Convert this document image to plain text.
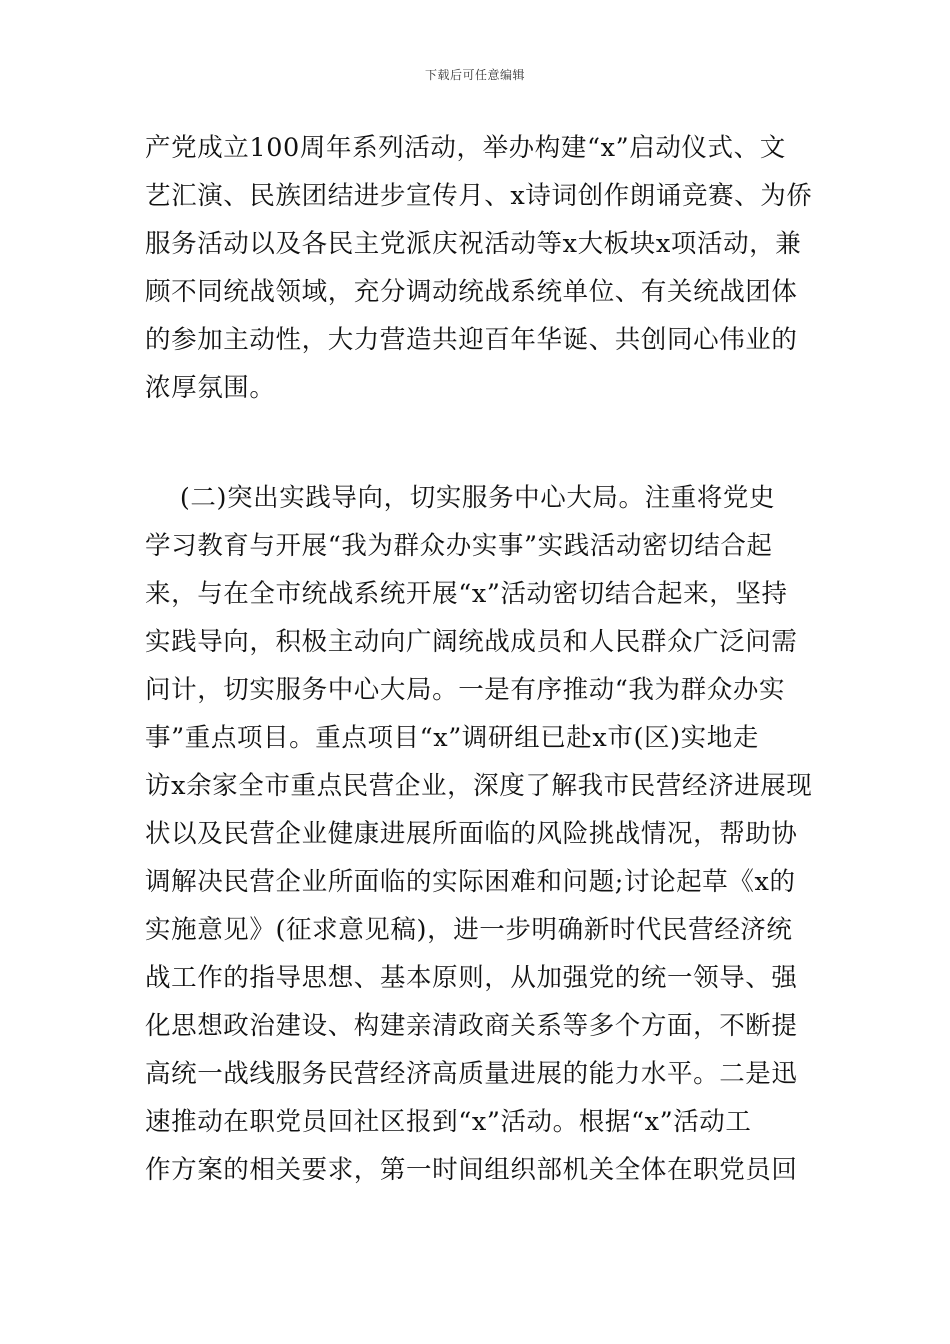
下载后可任意编辑
产党成立100周年系列活动，举办构建“x”启动仪式、文
艺汇演、民族团结进步宣传月、x诗词创作朗诵竞赛、为侨
服务活动以及各民主党派庆祝活动等x大板块x项活动，兼
顾不同统战领域，充分调动统战系统单位、有关统战团体
的参加主动性，大力营造共迎百年华诞、共创同心伟业的
浓厚氛围。
(二)突出实践导向，切实服务中心大局。注重将党史
学习教育与开展“我为群众办实事”实践活动密切结合起
来，与在全市统战系统开展“x”活动密切结合起来，坚持
实践导向，积极主动向广阔统战成员和人民群众广泛问需
问计，切实服务中心大局。一是有序推动“我为群众办实
事”重点项目。重点项目“x”调研组已赴x市(区)实地走
访x余家全市重点民营企业，深度了解我市民营经济进展现
状以及民营企业健康进展所面临的风险挑战情况，帮助协
调解决民营企业所面临的实际困难和问题;讨论起草《x的
实施意见》(征求意见稿)，进一步明确新时代民营经济统
战工作的指导思想、基本原则，从加强党的统一领导、强
化思想政治建设、构建亲清政商关系等多个方面，不断提
高统一战线服务民营经济高质量进展的能力水平。二是迅
速推动在职党员回社区报到“x”活动。根据“x”活动工
作方案的相关要求，第一时间组织部机关全体在职党员回
